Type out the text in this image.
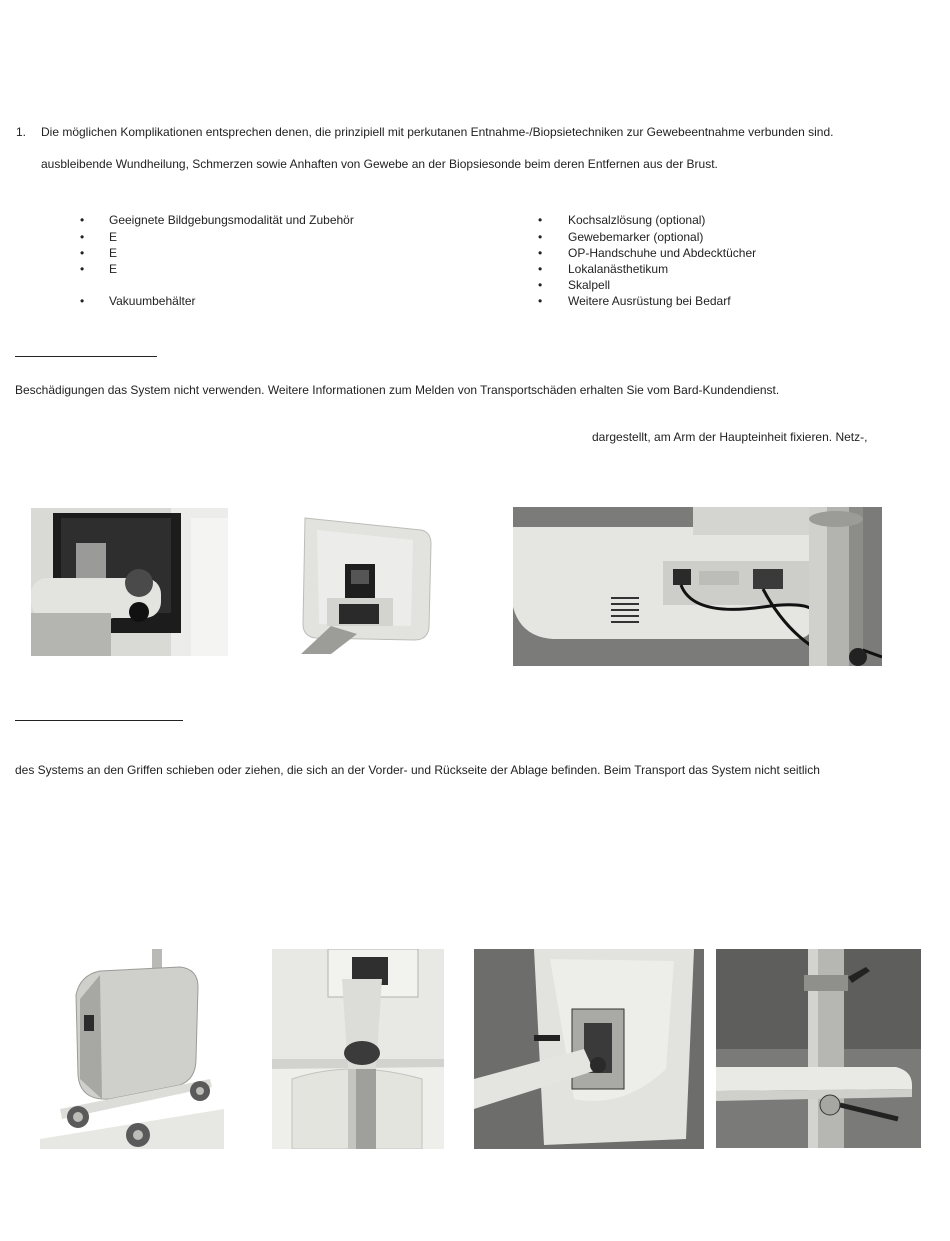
1. Die möglichen Komplikationen entsprechen denen, die prinzipiell mit perkutanen Entnahme-/Biopsietechniken zur Gewebeentnahme verbunden sind.
ausbleibende Wundheilung, Schmerzen sowie Anhaften von Gewebe an der Biopsiesonde beim deren Entfernen aus der Brust.
• Geeignete Bildgebungsmodalität und Zubehör
• E
• E
• E
• Vakuumbehälter
• Kochsalzlösung (optional)
• Gewebemarker (optional)
• OP-Handschuhe und Abdecktücher
• Lokalanästhetikum
• Skalpell
• Weitere Ausrüstung bei Bedarf
Beschädigungen das System nicht verwenden. Weitere Informationen zum Melden von Transportschäden erhalten Sie vom Bard-Kundendienst.
dargestellt, am Arm der Haupteinheit fixieren. Netz-,
des Systems an den Griffen schieben oder ziehen, die sich an der Vorder- und Rückseite der Ablage befinden. Beim Transport das System nicht seitlich
